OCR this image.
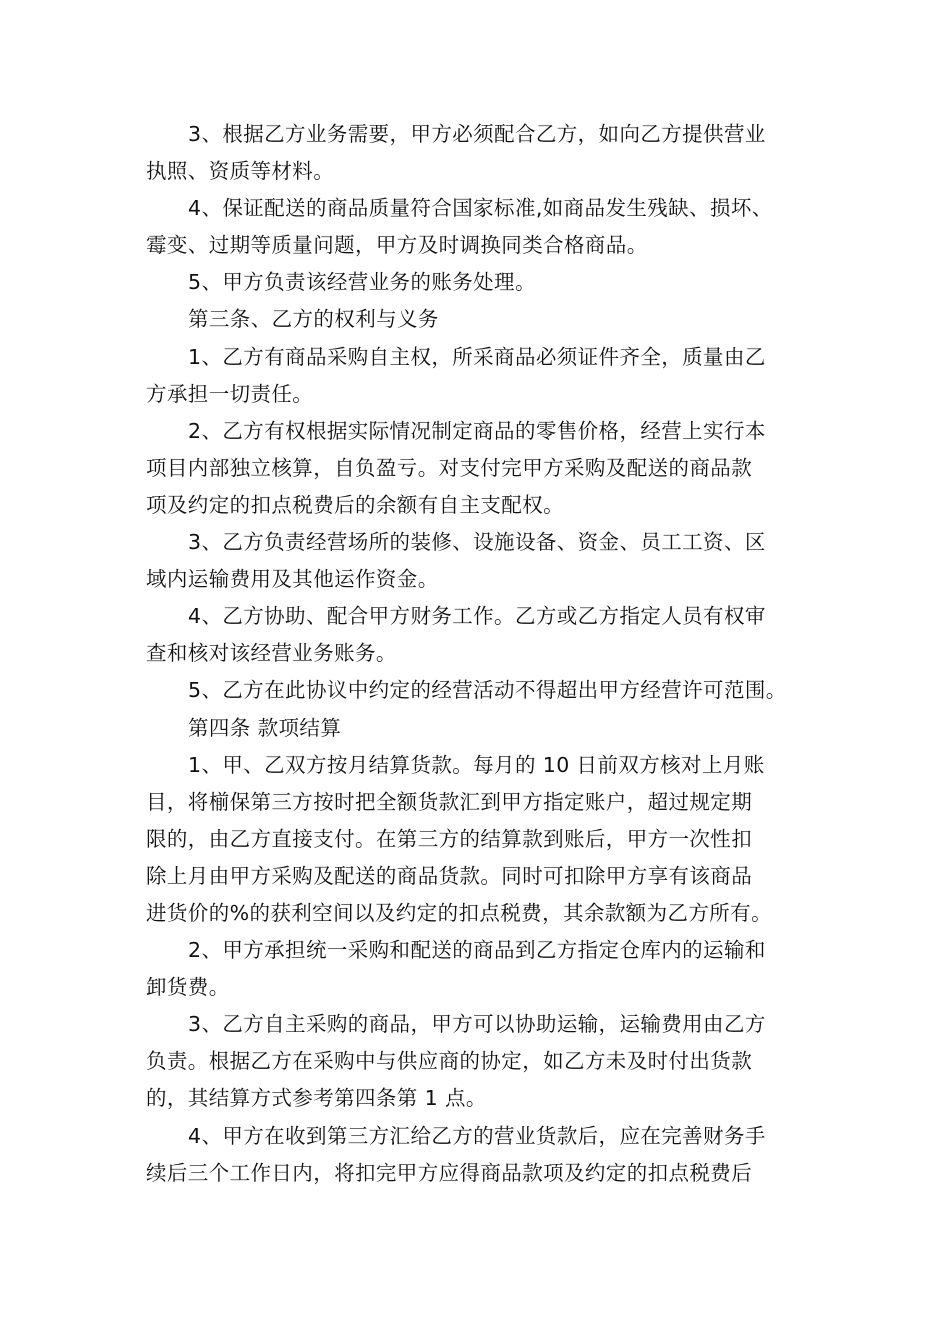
3、根据乙方业务需要，甲方必须配合乙方，如向乙方提供营业
执照、资质等材料。
4、保证配送的商品质量符合国家标准,如商品发生残缺、损坏、
霉变、过期等质量问题，甲方及时调换同类合格商品。
5、甲方负责该经营业务的账务处理。
第三条、乙方的权利与义务
1、乙方有商品采购自主权，所采商品必须证件齐全，质量由乙
方承担一切责任。
2、乙方有权根据实际情况制定商品的零售价格，经营上实行本
项目内部独立核算，自负盈亏。对支付完甲方采购及配送的商品款
项及约定的扣点税费后的余额有自主支配权。
3、乙方负责经营场所的装修、设施设备、资金、员工工资、区
域内运输费用及其他运作资金。
4、乙方协助、配合甲方财务工作。乙方或乙方指定人员有权审
查和核对该经营业务账务。
5、乙方在此协议中约定的经营活动不得超出甲方经营许可范围。
第四条 款项结算
1、甲、乙双方按月结算货款。每月的 10 日前双方核对上月账
目，将椾保第三方按时把全额货款汇到甲方指定账户，超过规定期
限的，由乙方直接支付。在第三方的结算款到账后，甲方一次性扣
除上月由甲方采购及配送的商品货款。同时可扣除甲方享有该商品
进货价的%的获利空间以及约定的扣点税费，其余款额为乙方所有。
2、甲方承担统一采购和配送的商品到乙方指定仓库内的运输和
卸货费。
3、乙方自主采购的商品，甲方可以协助运输，运输费用由乙方
负责。根据乙方在采购中与供应商的协定，如乙方未及时付出货款
的，其结算方式参考第四条第 1 点。
4、甲方在收到第三方汇给乙方的营业货款后，应在完善财务手
续后三个工作日内，将扣完甲方应得商品款项及约定的扣点税费后
